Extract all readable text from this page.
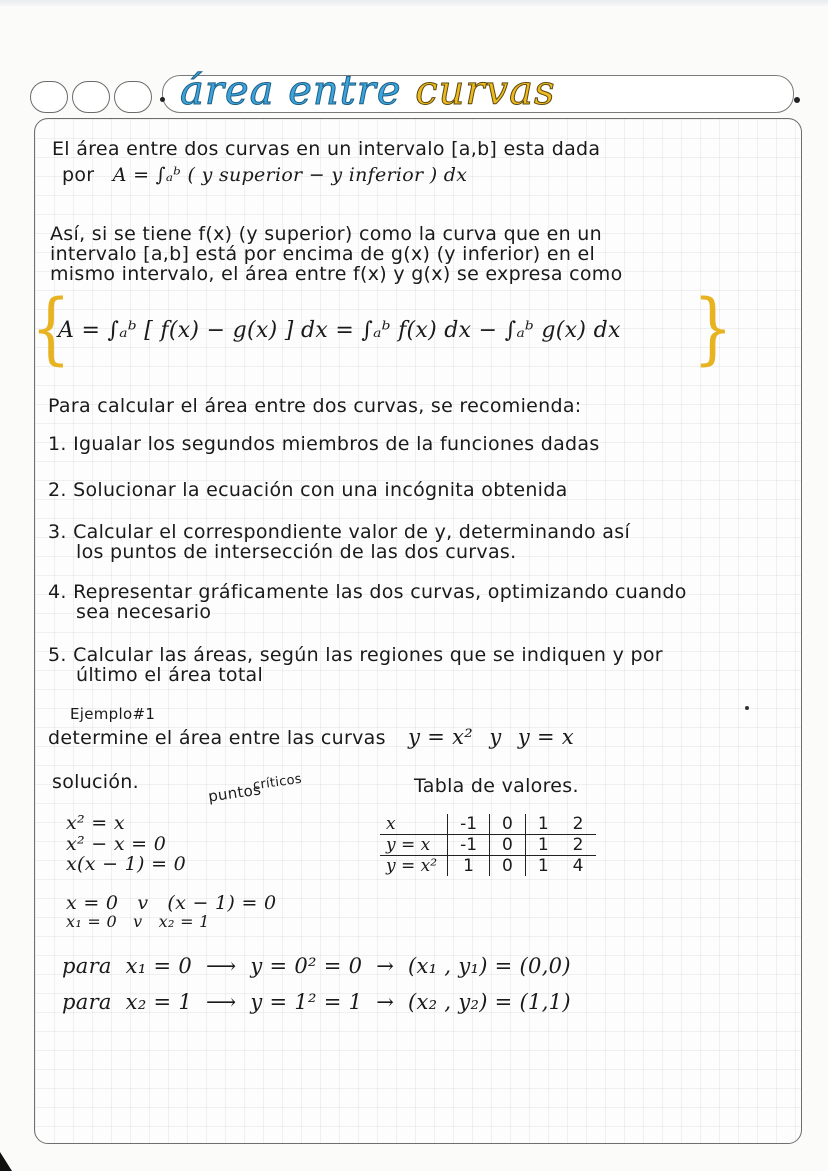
área entre curvas
El área entre dos curvas en un intervalo [a,b] esta dada
por A = ∫ₐᵇ ( y superior − y inferior ) dx
Así, si se tiene f(x) (y superior) como la curva que en un
intervalo [a,b] está por encima de g(x) (y inferior) en el
mismo intervalo, el área entre f(x) y g(x) se expresa como
{
A = ∫ₐᵇ [ f(x) − g(x) ] dx = ∫ₐᵇ f(x) dx − ∫ₐᵇ g(x) dx }
Para calcular el área entre dos curvas, se recomienda:
1. Igualar los segundos miembros de la funciones dadas
2. Solucionar la ecuación con una incógnita obtenida
3. Calcular el correspondiente valor de y, determinando así
los puntos de intersección de las dos curvas.
4. Representar gráficamente las dos curvas, optimizando cuando
sea necesario
5. Calcular las áreas, según las regiones que se indiquen y por
último el área total
Ejemplo#1
determine el área entre las curvas y = x² y y = x
solución.	puntos
críticos
x² = x
x² − x = 0
x(x − 1) = 0
x = 0   v   (x − 1) = 0
x₁ = 0   v   x₂ = 1
para  x₁ = 0  ⟶  y = 0² = 0  →  (x₁ , y₁) = (0,0)
para  x₂ = 1  ⟶  y = 1² = 1  →  (x₂ , y₂) = (1,1)
Tabla de valores.
x	-1	0	1	2
y = x	-1	0	1	2
y = x²	1	0	1	4
